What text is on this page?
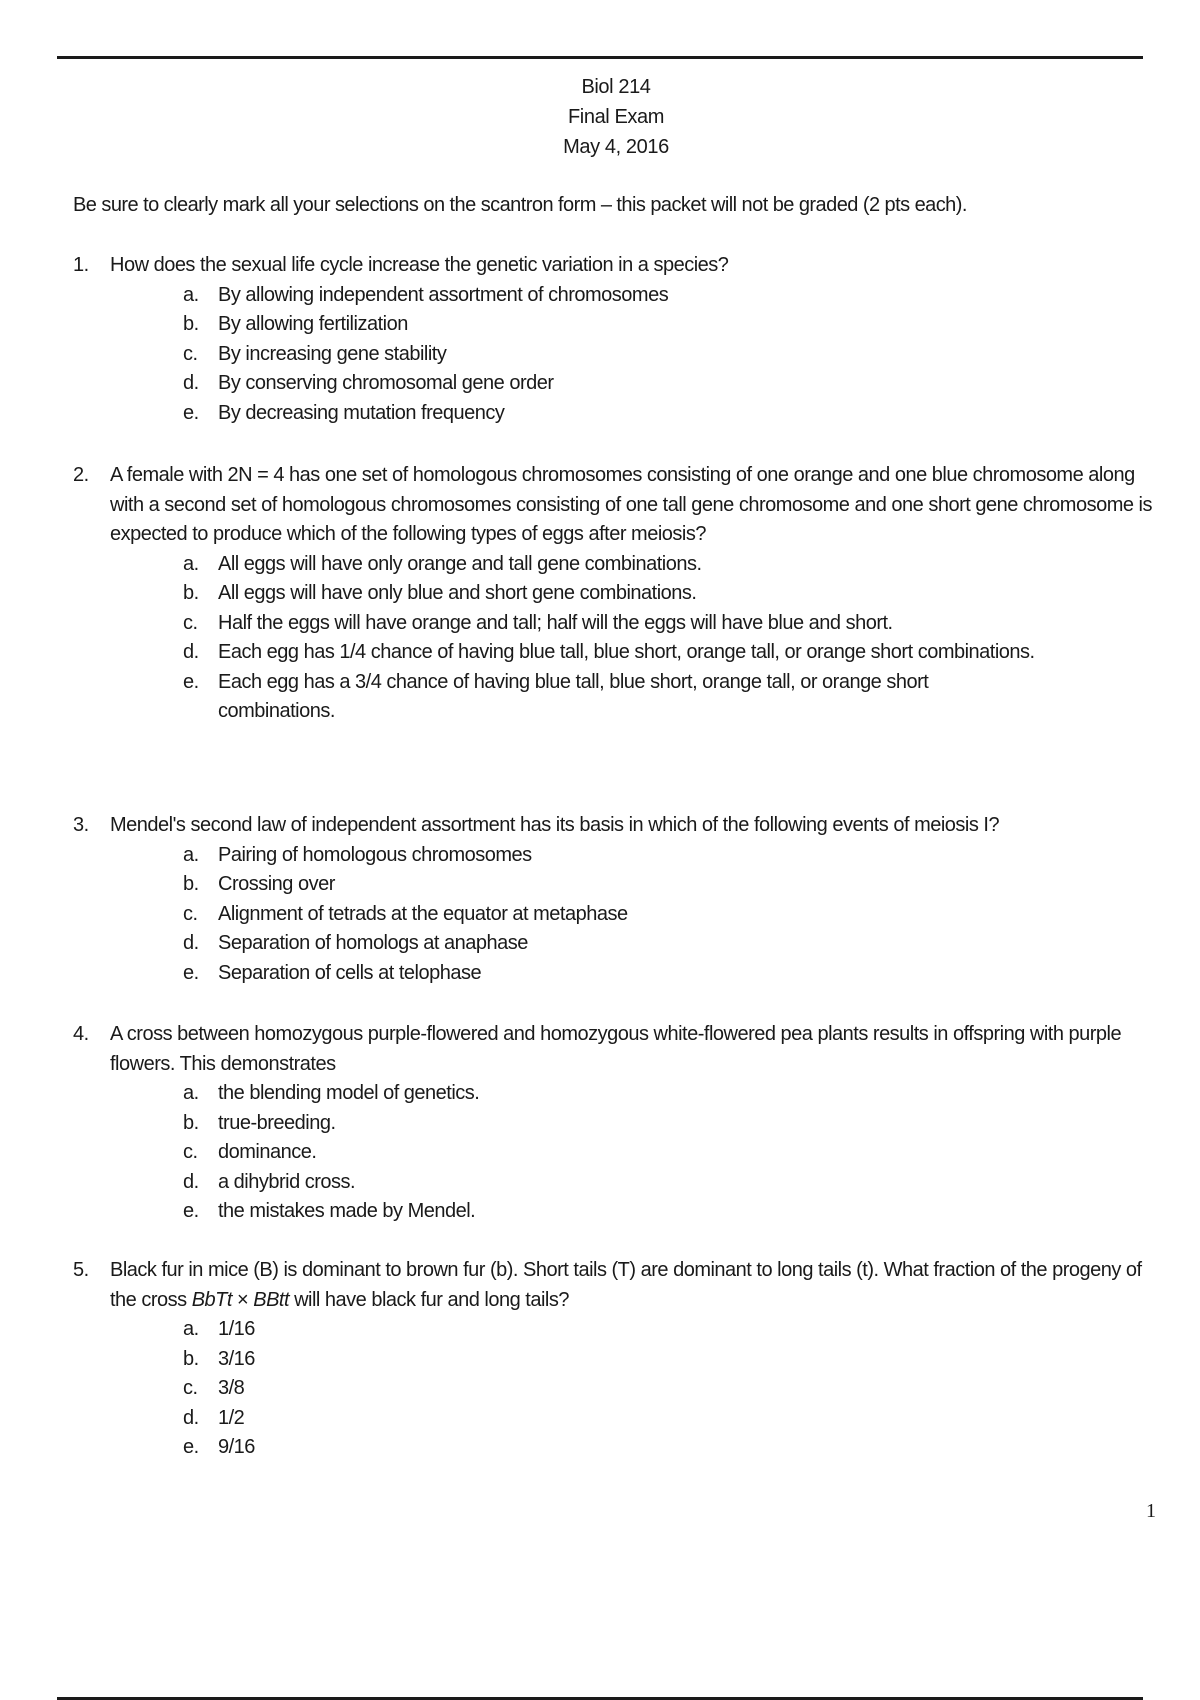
Biol 214
Final Exam
May 4, 2016
Be sure to clearly mark all your selections on the scantron form – this packet will not be graded (2 pts each).
1.	How does the sexual life cycle increase the genetic variation in a species?
a. By allowing independent assortment of chromosomes
b. By allowing fertilization
c.	By increasing gene stability
d. By conserving chromosomal gene order
e. By decreasing mutation frequency
2.	A female with 2N = 4 has one set of homologous chromosomes consisting of one orange and one blue chromosome along with a second set of homologous chromosomes consisting of one tall gene chromosome and one short gene chromosome is expected to produce which of the following types of eggs after meiosis?
a. All eggs will have only orange and tall gene combinations.
b. All eggs will have only blue and short gene combinations.
c.	Half the eggs will have orange and tall; half will the eggs will have blue and short.
d. Each egg has 1/4 chance of having blue tall, blue short, orange tall, or orange short combinations.
e. Each egg has a 3/4 chance of having blue tall, blue short, orange tall, or orange short combinations.
3.	Mendel's second law of independent assortment has its basis in which of the following events of meiosis I?
a. Pairing of homologous chromosomes
b. Crossing over
c.	Alignment of tetrads at the equator at metaphase
d. Separation of homologs at anaphase
e. Separation of cells at telophase
4.	A cross between homozygous purple-flowered and homozygous white-flowered pea plants results in offspring with purple flowers. This demonstrates
a. the blending model of genetics.
b. true-breeding.
c.	dominance.
d. a dihybrid cross.
e. the mistakes made by Mendel.
5.	Black fur in mice (B) is dominant to brown fur (b). Short tails (T) are dominant to long tails (t). What fraction of the progeny of the cross BbTt × BBtt will have black fur and long tails?
a. 1/16
b. 3/16
c.	3/8
d. 1/2
e. 9/16
1
